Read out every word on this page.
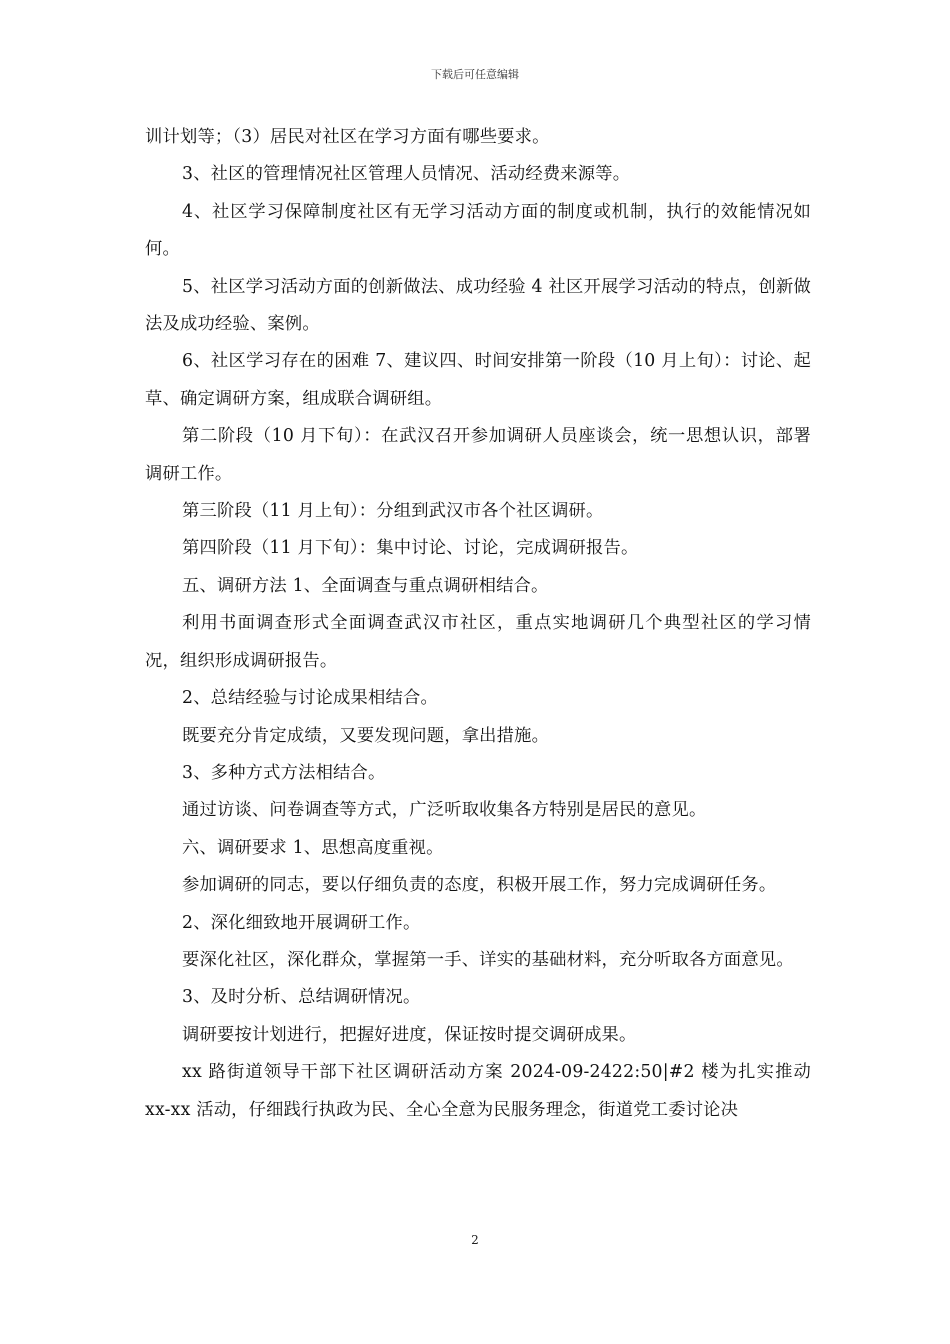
下载后可任意编辑

训计划等；（3）居民对社区在学习方面有哪些要求。

3、社区的管理情况社区管理人员情况、活动经费来源等。

4、社区学习保障制度社区有无学习活动方面的制度或机制，执行的效能情况如何。

5、社区学习活动方面的创新做法、成功经验 4 社区开展学习活动的特点，创新做法及成功经验、案例。

6、社区学习存在的困难 7、建议四、时间安排第一阶段（10 月上旬）：讨论、起草、确定调研方案，组成联合调研组。

第二阶段（10 月下旬）：在武汉召开参加调研人员座谈会，统一思想认识，部署调研工作。

第三阶段（11 月上旬）：分组到武汉市各个社区调研。

第四阶段（11 月下旬）：集中讨论、讨论，完成调研报告。

五、调研方法 1、全面调查与重点调研相结合。

利用书面调查形式全面调查武汉市社区，重点实地调研几个典型社区的学习情况，组织形成调研报告。

2、总结经验与讨论成果相结合。

既要充分肯定成绩，又要发现问题，拿出措施。

3、多种方式方法相结合。

通过访谈、问卷调查等方式，广泛听取收集各方特别是居民的意见。

六、调研要求 1、思想高度重视。

参加调研的同志，要以仔细负责的态度，积极开展工作，努力完成调研任务。

2、深化细致地开展调研工作。

要深化社区，深化群众，掌握第一手、详实的基础材料，充分听取各方面意见。

3、及时分析、总结调研情况。

调研要按计划进行，把握好进度，保证按时提交调研成果。

xx 路街道领导干部下社区调研活动方案 2024-09-2422:50|#2 楼为扎实推动 xx-xx 活动，仔细践行执政为民、全心全意为民服务理念，街道党工委讨论决

2
